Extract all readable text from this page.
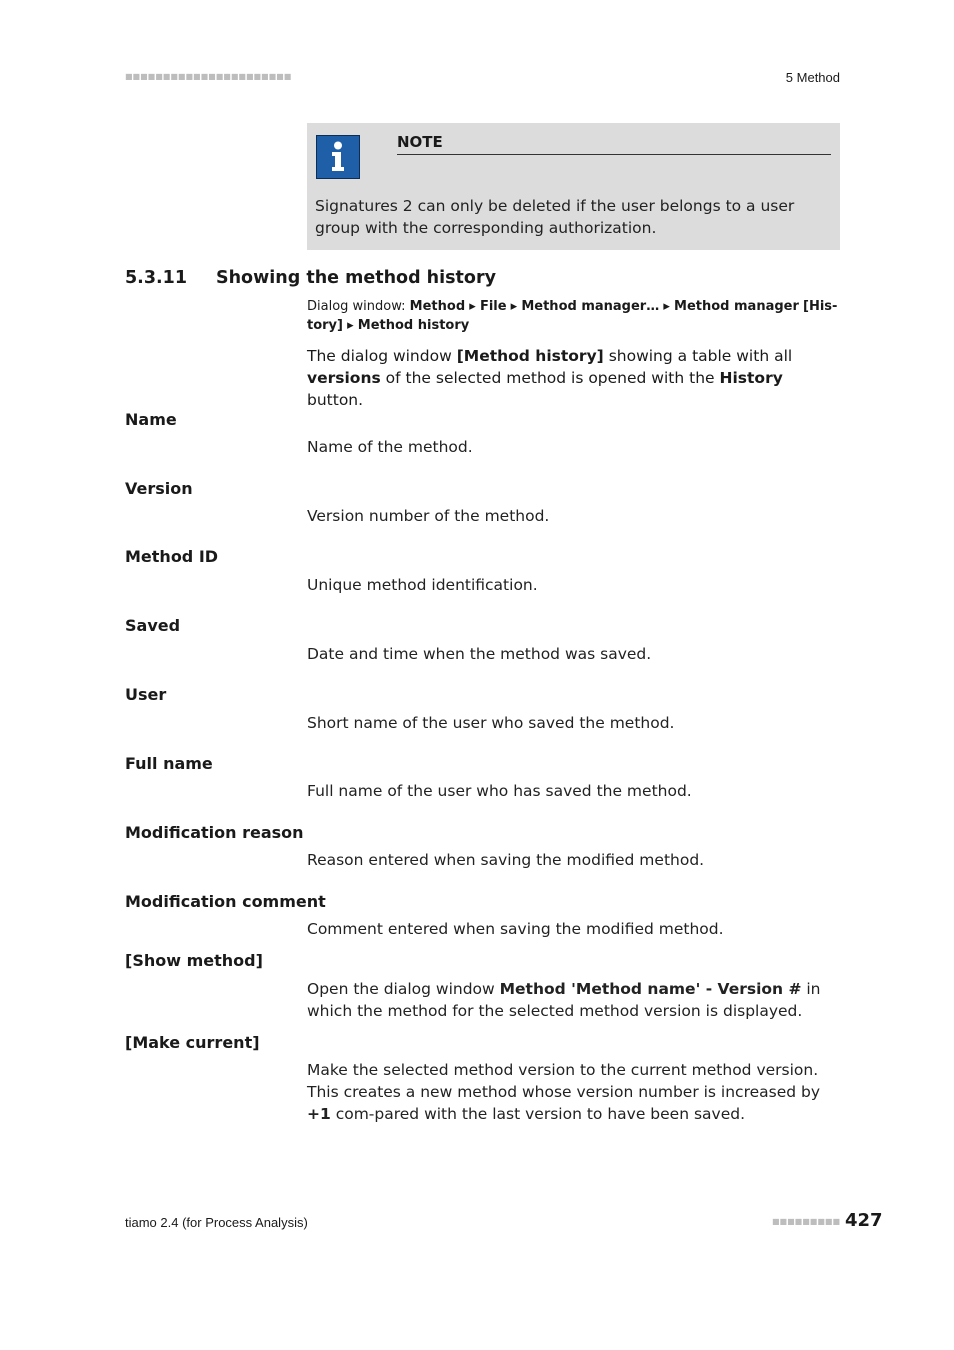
■■■■■■■■■■■■■■■■■■■■■■	5 Method
NOTE
Signatures 2 can only be deleted if the user belongs to a user group with the corresponding authorization.
5.3.11 Showing the method history
Dialog window: Method ▸ File ▸ Method manager… ▸ Method manager [His-
tory] ▸ Method history
The dialog window [Method history] showing a table with all versions of the selected method is opened with the History button.
Name
Name of the method.
Version
Version number of the method.
Method ID
Unique method identification.
Saved
Date and time when the method was saved.
User
Short name of the user who saved the method.
Full name
Full name of the user who has saved the method.
Modification reason
Reason entered when saving the modified method.
Modification comment
Comment entered when saving the modified method.
[Show method]
Open the dialog window Method 'Method name' - Version # in which the method for the selected method version is displayed.
[Make current]
Make the selected method version to the current method version. This creates a new method whose version number is increased by +1 com-pared with the last version to have been saved.
tiamo 2.4 (for Process Analysis)	■■■■■■■■■ 427
